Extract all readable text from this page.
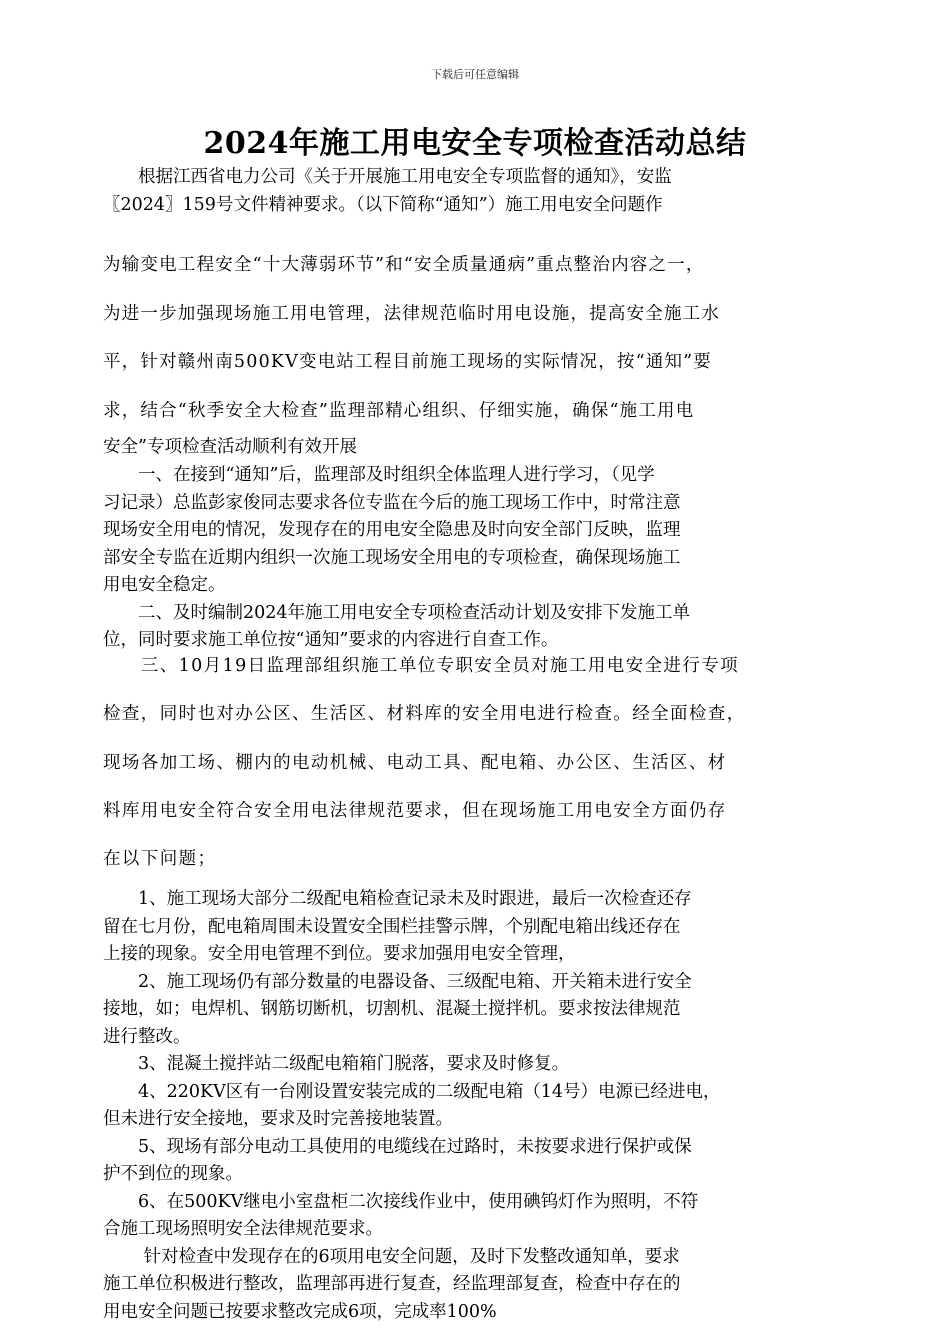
下载后可任意编辑
2024年施工用电安全专项检查活动总结
　　根据江西省电力公司《关于开展施工用电安全专项监督的通知》，安监
〖2024〗159号文件精神要求。（以下简称“通知”）施工用电安全问题作
为输变电工程安全“十大薄弱环节”和“安全质量通病”重点整治内容之一，
为进一步加强现场施工用电管理，法律规范临时用电设施，提高安全施工水
平，针对赣州南500KV变电站工程目前施工现场的实际情况，按“通知”要
求，结合“秋季安全大检查”监理部精心组织、仔细实施，确保“施工用电
安全”专项检查活动顺利有效开展
　　一、在接到“通知”后，监理部及时组织全体监理人进行学习，（见学
习记录）总监彭家俊同志要求各位专监在今后的施工现场工作中，时常注意
现场安全用电的情况，发现存在的用电安全隐患及时向安全部门反映，监理
部安全专监在近期内组织一次施工现场安全用电的专项检查，确保现场施工
用电安全稳定。
　　二、及时编制2024年施工用电安全专项检查活动计划及安排下发施工单
位，同时要求施工单位按“通知”要求的内容进行自查工作。
　　三、10月19日监理部组织施工单位专职安全员对施工用电安全进行专项
检查，同时也对办公区、生活区、材料库的安全用电进行检查。经全面检查，
现场各加工场、棚内的电动机械、电动工具、配电箱、办公区、生活区、材
料库用电安全符合安全用电法律规范要求，但在现场施工用电安全方面仍存
在以下问题；
　　1、施工现场大部分二级配电箱检查记录未及时跟进，最后一次检查还存
留在七月份，配电箱周围未设置安全围栏挂警示牌，个别配电箱出线还存在
上接的现象。安全用电管理不到位。要求加强用电安全管理，
　　2、施工现场仍有部分数量的电器设备、三级配电箱、开关箱未进行安全
接地，如；电焊机、钢筋切断机，切割机、混凝土搅拌机。要求按法律规范
进行整改。
　　3、混凝土搅拌站二级配电箱箱门脱落，要求及时修复。
　　4、220KV区有一台刚设置安装完成的二级配电箱（14号）电源已经进电，
但未进行安全接地，要求及时完善接地装置。
　　5、现场有部分电动工具使用的电缆线在过路时，未按要求进行保护或保
护不到位的现象。
　　6、在500KV继电小室盘柜二次接线作业中，使用碘钨灯作为照明，不符
合施工现场照明安全法律规范要求。
　　 针对检查中发现存在的6项用电安全问题，及时下发整改通知单，要求
施工单位积极进行整改，监理部再进行复查，经监理部复查，检查中存在的
用电安全问题已按要求整改完成6项，完成率100%
